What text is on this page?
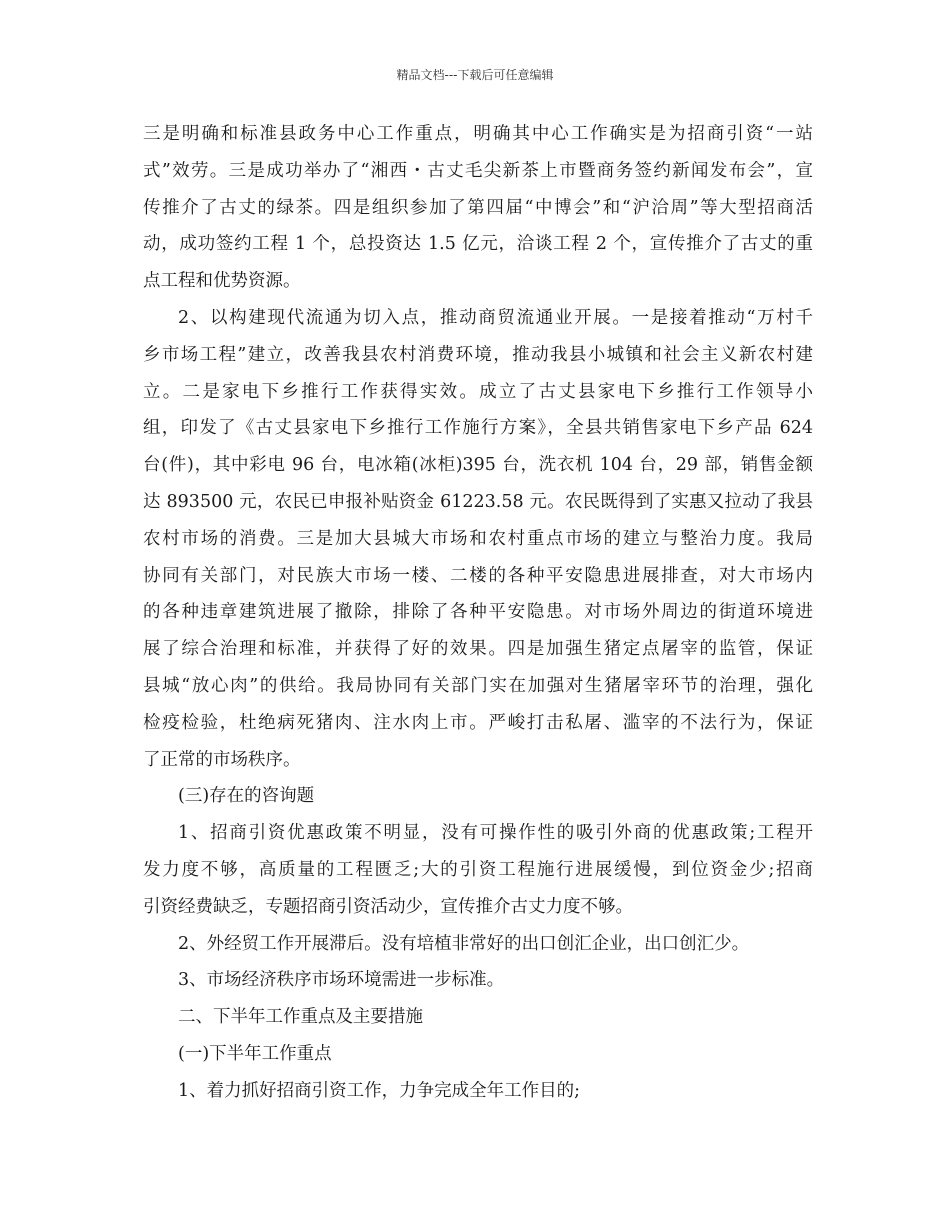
精品文档---下载后可任意编辑
三是明确和标准县政务中心工作重点，明确其中心工作确实是为招商引资“一站
式”效劳。三是成功举办了“湘西・古丈毛尖新茶上市暨商务签约新闻发布会”，宣
传推介了古丈的绿茶。四是组织参加了第四届“中博会”和“沪洽周”等大型招商活
动，成功签约工程 1 个，总投资达 1.5 亿元，洽谈工程 2 个，宣传推介了古丈的重
点工程和优势资源。
2、以构建现代流通为切入点，推动商贸流通业开展。一是接着推动“万村千
乡市场工程”建立，改善我县农村消费环境，推动我县小城镇和社会主义新农村建
立。二是家电下乡推行工作获得实效。成立了古丈县家电下乡推行工作领导小
组，印发了《古丈县家电下乡推行工作施行方案》，全县共销售家电下乡产品 624
台(件)，其中彩电 96 台，电冰箱(冰柜)395 台，洗衣机 104 台，29 部，销售金额
达 893500 元，农民已申报补贴资金 61223.58 元。农民既得到了实惠又拉动了我县
农村市场的消费。三是加大县城大市场和农村重点市场的建立与整治力度。我局
协同有关部门，对民族大市场一楼、二楼的各种平安隐患进展排查，对大市场内
的各种违章建筑进展了撤除，排除了各种平安隐患。对市场外周边的街道环境进
展了综合治理和标准，并获得了好的效果。四是加强生猪定点屠宰的监管，保证
县城“放心肉”的供给。我局协同有关部门实在加强对生猪屠宰环节的治理，强化
检疫检验，杜绝病死猪肉、注水肉上市。严峻打击私屠、滥宰的不法行为，保证
了正常的市场秩序。
(三)存在的咨询题
1、招商引资优惠政策不明显，没有可操作性的吸引外商的优惠政策;工程开
发力度不够，高质量的工程匮乏;大的引资工程施行进展缓慢，到位资金少;招商
引资经费缺乏，专题招商引资活动少，宣传推介古丈力度不够。
2、外经贸工作开展滞后。没有培植非常好的出口创汇企业，出口创汇少。
3、市场经济秩序市场环境需进一步标准。
二、下半年工作重点及主要措施
(一)下半年工作重点
1、着力抓好招商引资工作，力争完成全年工作目的;
